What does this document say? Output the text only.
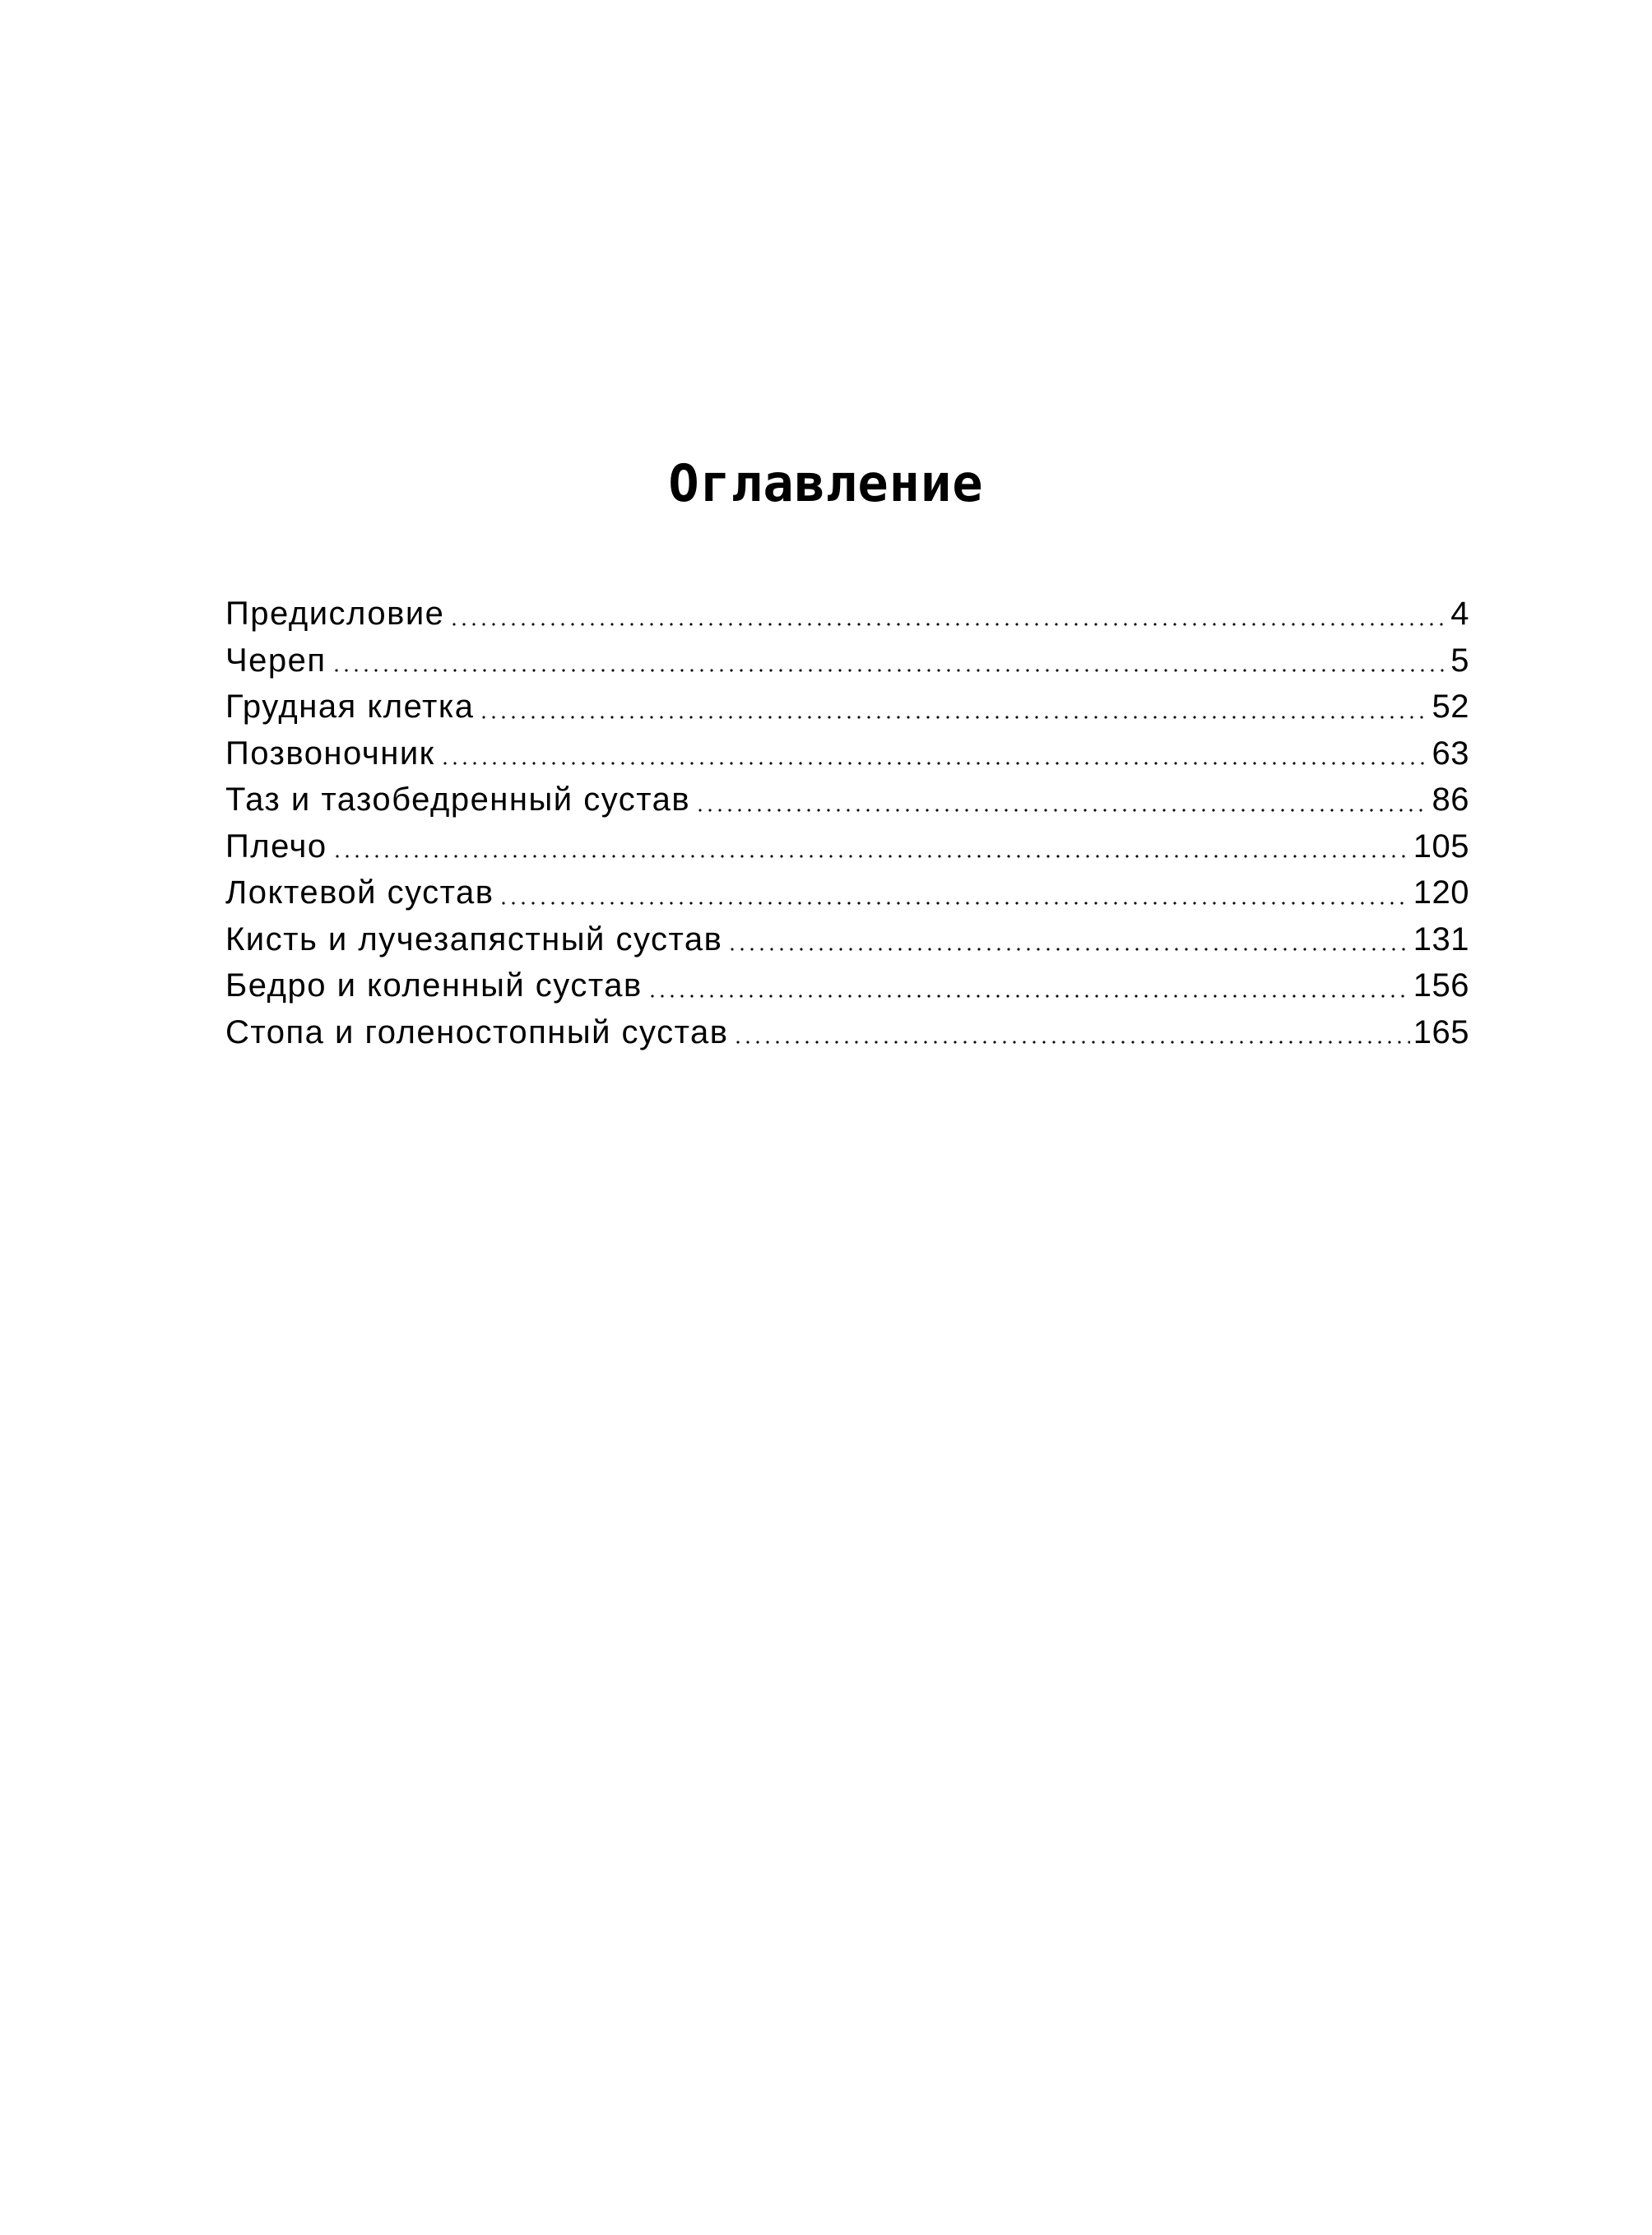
Оглавление
Предисловие	4
Череп	5
Грудная клетка	52
Позвоночник	63
Таз и тазобедренный сустав	86
Плечо	105
Локтевой сустав	120
Кисть и лучезапястный сустав	131
Бедро и коленный сустав	156
Стопа и голеностопный сустав	165
